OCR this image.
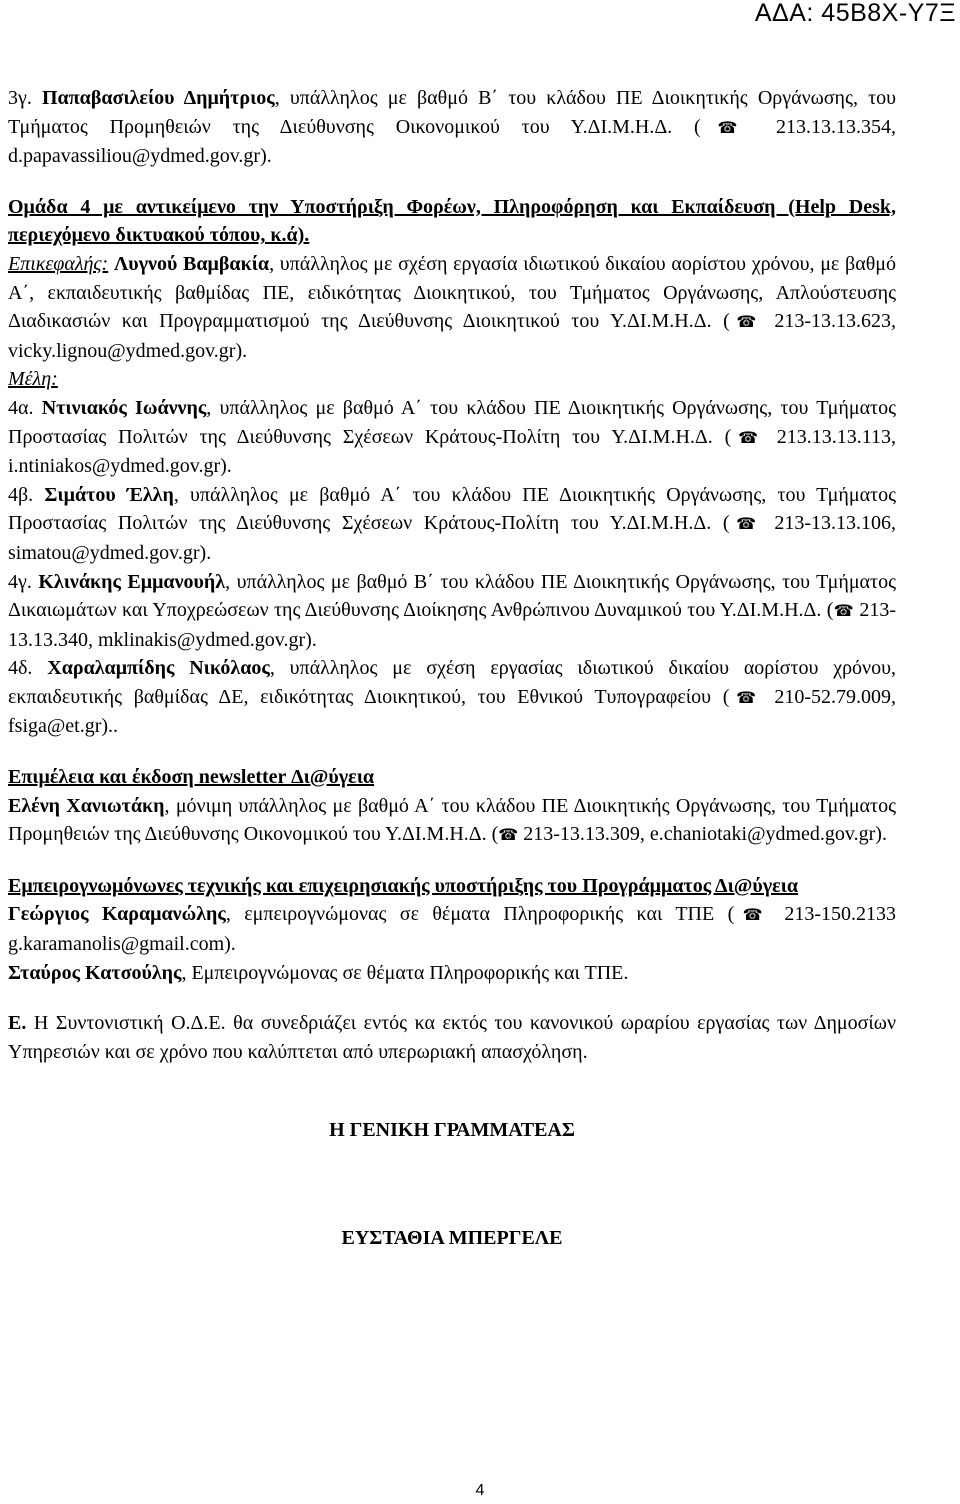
ΑΔΑ: 45Β8Χ-Υ7Ξ

3γ. Παπαβασιλείου Δημήτριος, υπάλληλος με βαθμό Β΄ του κλάδου ΠΕ Διοικητικής Οργάνωσης, του Τμήματος Προμηθειών της Διεύθυνσης Οικονομικού του Υ.ΔΙ.Μ.Η.Δ. (☎ 213.13.13.354, d.papavassiliou@ydmed.gov.gr).

Ομάδα 4 με αντικείμενο την Υποστήριξη Φορέων, Πληροφόρηση και Εκπαίδευση (Help Desk, περιεχόμενο δικτυακού τόπου, κ.ά).

Επικεφαλής: Λυγνού Βαμβακία, υπάλληλος με σχέση εργασία ιδιωτικού δικαίου αορίστου χρόνου, με βαθμό Α΄, εκπαιδευτικής βαθμίδας ΠΕ, ειδικότητας Διοικητικού, του Τμήματος Οργάνωσης, Απλούστευσης Διαδικασιών και Προγραμματισμού της Διεύθυνσης Διοικητικού του Υ.ΔΙ.Μ.Η.Δ. (☎ 213-13.13.623, vicky.lignou@ydmed.gov.gr).

Μέλη:

4α. Ντινιακός Ιωάννης, υπάλληλος με βαθμό Α΄ του κλάδου ΠΕ Διοικητικής Οργάνωσης, του Τμήματος Προστασίας Πολιτών της Διεύθυνσης Σχέσεων Κράτους-Πολίτη του Υ.ΔΙ.Μ.Η.Δ. (☎ 213.13.13.113, i.ntiniakos@ydmed.gov.gr).

4β. Σιμάτου Έλλη, υπάλληλος με βαθμό Α΄ του κλάδου ΠΕ Διοικητικής Οργάνωσης, του Τμήματος Προστασίας Πολιτών της Διεύθυνσης Σχέσεων Κράτους-Πολίτη του Υ.ΔΙ.Μ.Η.Δ. (☎ 213-13.13.106, simatou@ydmed.gov.gr).

4γ. Κλινάκης Εμμανουήλ, υπάλληλος με βαθμό Β΄ του κλάδου ΠΕ Διοικητικής Οργάνωσης, του Τμήματος Δικαιωμάτων και Υποχρεώσεων της Διεύθυνσης Διοίκησης Ανθρώπινου Δυναμικού του Υ.ΔΙ.Μ.Η.Δ. (☎ 213-13.13.340, mklinakis@ydmed.gov.gr).

4δ. Χαραλαμπίδης Νικόλαος, υπάλληλος με σχέση εργασίας ιδιωτικού δικαίου αορίστου χρόνου, εκπαιδευτικής βαθμίδας ΔΕ, ειδικότητας Διοικητικού, του Εθνικού Τυπογραφείου (☎ 210-52.79.009, fsiga@et.gr)..

Επιμέλεια και έκδοση newsletter Δι@ύγεια

Ελένη Χανιωτάκη, μόνιμη υπάλληλος με βαθμό Α΄ του κλάδου ΠΕ Διοικητικής Οργάνωσης, του Τμήματος Προμηθειών της Διεύθυνσης Οικονομικού του Υ.ΔΙ.Μ.Η.Δ. (☎ 213-13.13.309, e.chaniotaki@ydmed.gov.gr).

Εμπειρογνωμόνωνες τεχνικής και επιχειρησιακής υποστήριξης του Προγράμματος Δι@ύγεια

Γεώργιος Καραμανώλης, εμπειρογνώμονας σε θέματα Πληροφορικής και ΤΠΕ (☎ 213-150.2133 g.karamanolis@gmail.com).

Σταύρος Κατσούλης, Εμπειρογνώμονας σε θέματα Πληροφορικής και ΤΠΕ.

Ε. Η Συντονιστική Ο.Δ.Ε. θα συνεδριάζει εντός κα εκτός του κανονικού ωραρίου εργασίας των Δημοσίων Υπηρεσιών και σε χρόνο που καλύπτεται από υπερωριακή απασχόληση.

Η ΓΕΝΙΚΗ ΓΡΑΜΜΑΤΕΑΣ

ΕΥΣΤΑΘΙΑ ΜΠΕΡΓΕΛΕ

4
